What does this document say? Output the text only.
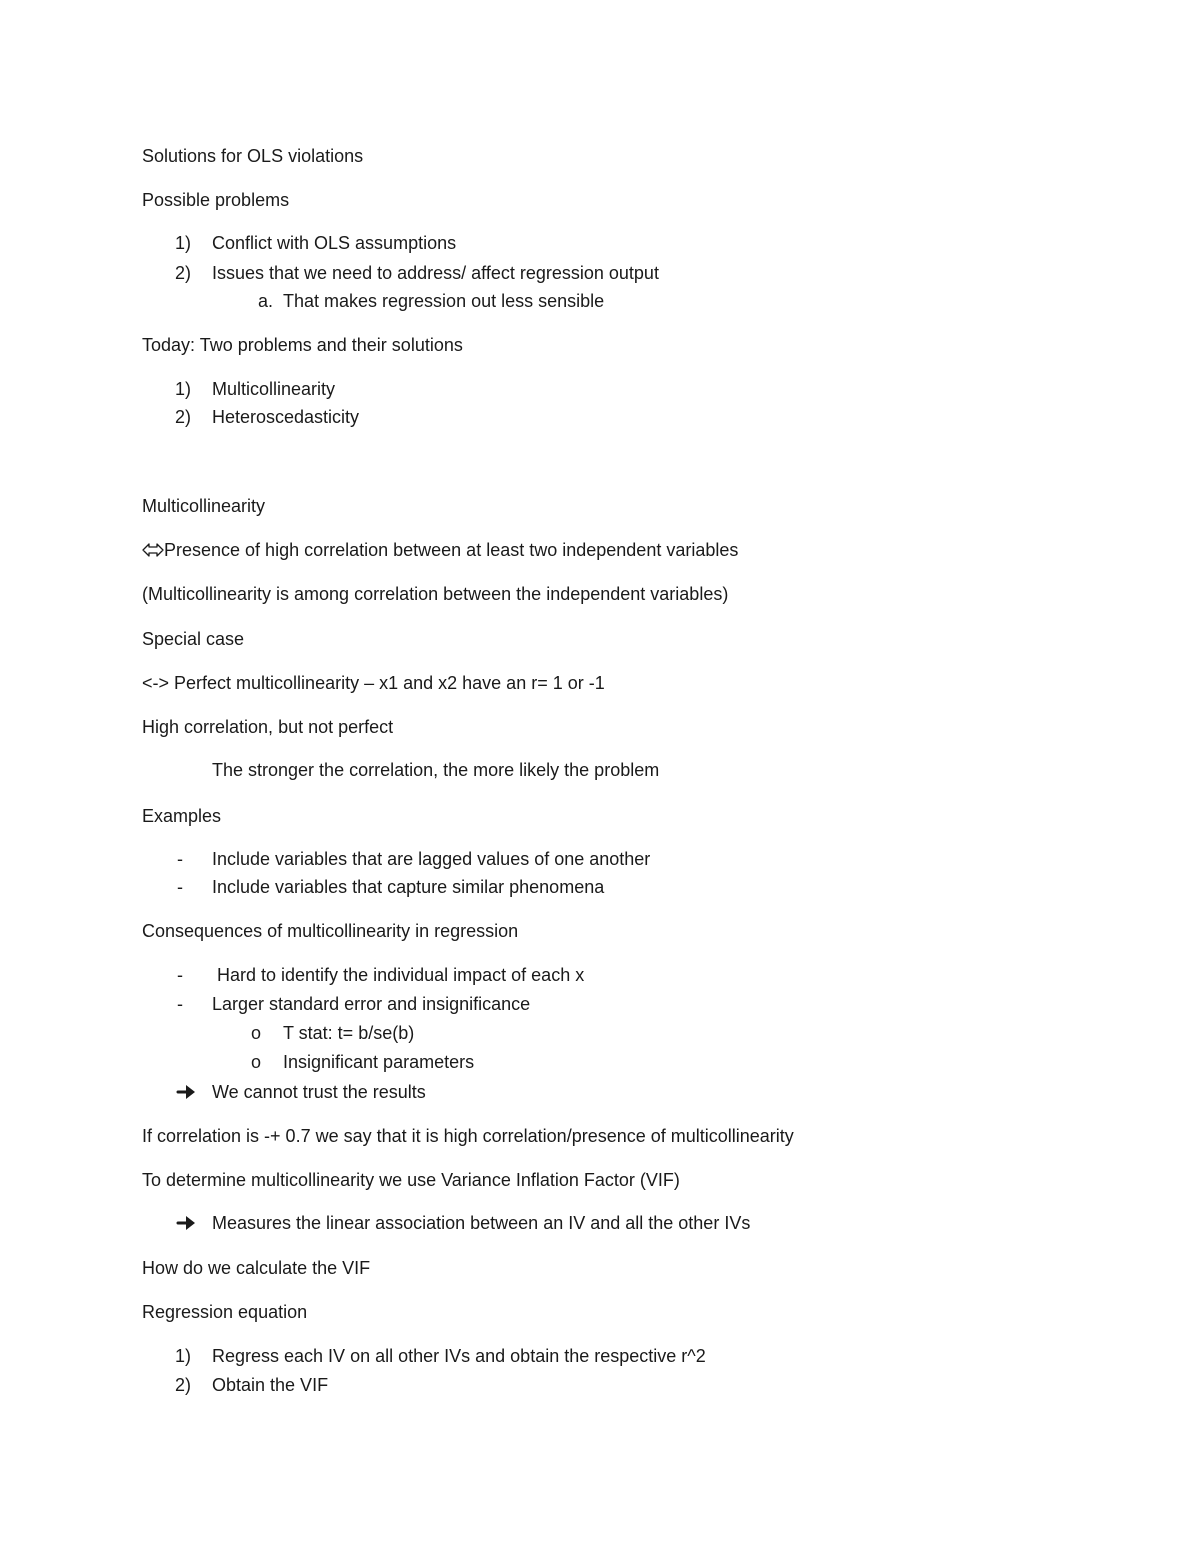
Solutions for OLS violations
Possible problems
1) Conflict with OLS assumptions
2) Issues that we need to address/ affect regression output
a. That makes regression out less sensible
Today: Two problems and their solutions
1) Multicollinearity
2) Heteroscedasticity
Multicollinearity
Presence of high correlation between at least two independent variables
(Multicollinearity is among correlation between the independent variables)
Special case
<-> Perfect multicollinearity – x1 and x2 have an r= 1 or -1
High correlation, but not perfect
The stronger the correlation, the more likely the problem
Examples
- Include variables that are lagged values of one another
- Include variables that capture similar phenomena
Consequences of multicollinearity in regression
- Hard to identify the individual impact of each x
- Larger standard error and insignificance
o T stat: t= b/se(b)
o Insignificant parameters
We cannot trust the results
If correlation is -+ 0.7 we say that it is high correlation/presence of multicollinearity
To determine multicollinearity we use Variance Inflation Factor (VIF)
Measures the linear association between an IV and all the other IVs
How do we calculate the VIF
Regression equation
1) Regress each IV on all other IVs and obtain the respective r^2
2) Obtain the VIF
